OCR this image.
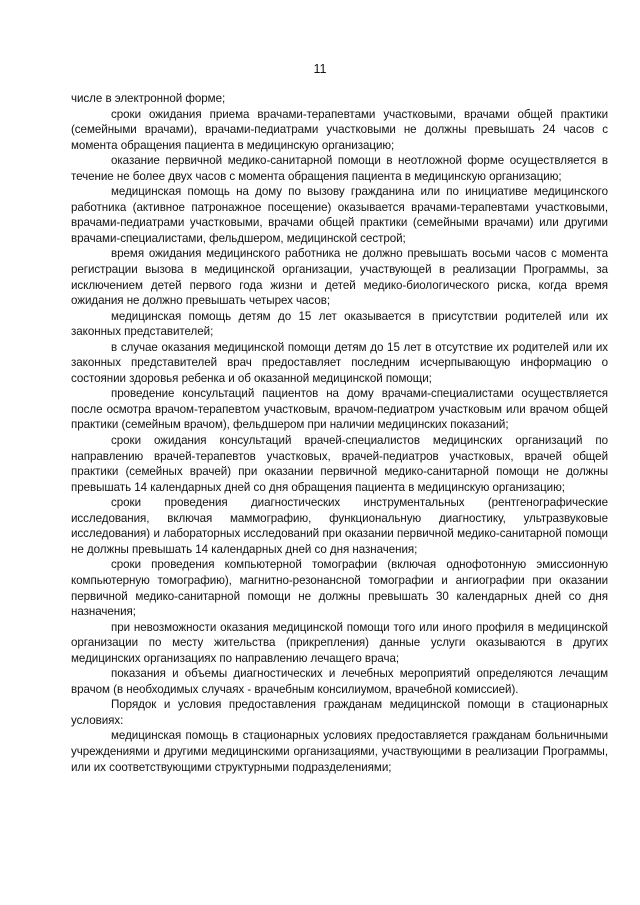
11

числе в электронной форме;

сроки ожидания приема врачами-терапевтами участковыми, врачами общей практики (семейными врачами), врачами-педиатрами участковыми не должны превышать 24 часов с момента обращения пациента в медицинскую организацию;

оказание первичной медико-санитарной помощи в неотложной форме осуществляется в течение не более двух часов с момента обращения пациента в медицинскую организацию;

медицинская помощь на дому по вызову гражданина или по инициативе медицинского работника (активное патронажное посещение) оказывается врачами-терапевтами участковыми, врачами-педиатрами участковыми, врачами общей практики (семейными врачами) или другими врачами-специалистами, фельдшером, медицинской сестрой;

время ожидания медицинского работника не должно превышать восьми часов с момента регистрации вызова в медицинской организации, участвующей в реализации Программы, за исключением детей первого года жизни и детей медико-биологического риска, когда время ожидания не должно превышать четырех часов;

медицинская помощь детям до 15 лет оказывается в присутствии родителей или их законных представителей;

в случае оказания медицинской помощи детям до 15 лет в отсутствие их родителей или их законных представителей врач предоставляет последним исчерпывающую информацию о состоянии здоровья ребенка и об оказанной медицинской помощи;

проведение консультаций пациентов на дому врачами-специалистами осуществляется после осмотра врачом-терапевтом участковым, врачом-педиатром участковым или врачом общей практики (семейным врачом), фельдшером при наличии медицинских показаний;

сроки ожидания консультаций врачей-специалистов медицинских организаций по направлению врачей-терапевтов участковых, врачей-педиатров участковых, врачей общей практики (семейных врачей) при оказании первичной медико-санитарной помощи не должны превышать 14 календарных дней со дня обращения пациента в медицинскую организацию;

сроки проведения диагностических инструментальных (рентгенографические исследования, включая маммографию, функциональную диагностику, ультразвуковые исследования) и лабораторных исследований при оказании первичной медико-санитарной помощи не должны превышать 14 календарных дней со дня назначения;

сроки проведения компьютерной томографии (включая однофотонную эмиссионную компьютерную томографию), магнитно-резонансной томографии и ангиографии при оказании первичной медико-санитарной помощи не должны превышать 30 календарных дней со дня назначения;

при невозможности оказания медицинской помощи того или иного профиля в медицинской организации по месту жительства (прикрепления) данные услуги оказываются в других медицинских организациях по направлению лечащего врача;

показания и объемы диагностических и лечебных мероприятий определяются лечащим врачом (в необходимых случаях - врачебным консилиумом, врачебной комиссией).

Порядок и условия предоставления гражданам медицинской помощи в стационарных условиях:

медицинская помощь в стационарных условиях предоставляется гражданам больничными учреждениями и другими медицинскими организациями, участвующими в реализации Программы, или их соответствующими структурными подразделениями;
